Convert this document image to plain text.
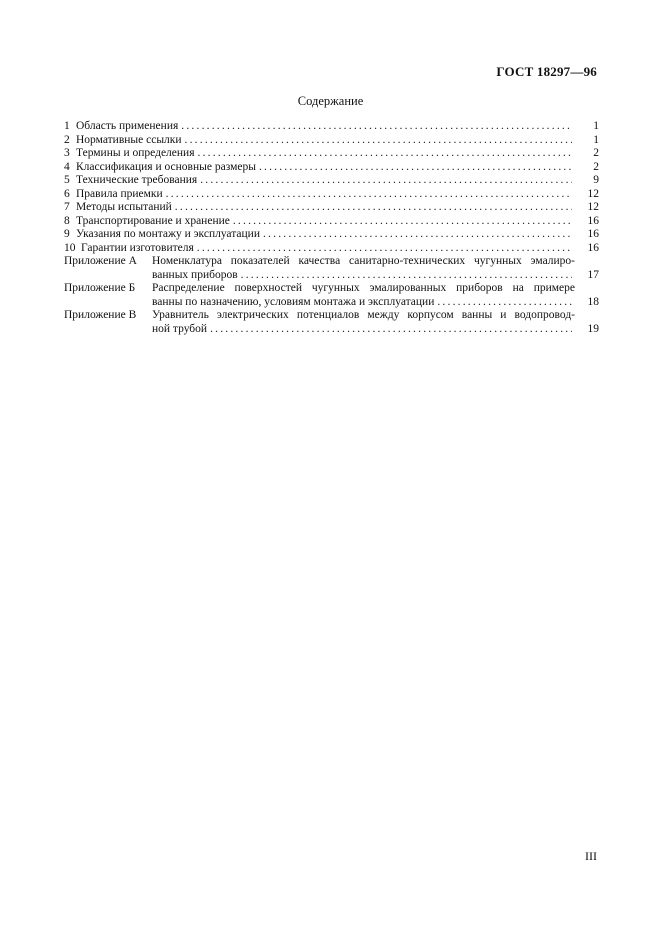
ГОСТ 18297—96
Содержание
1 Область применения .....	1
2 Нормативные ссылки .....	1
3 Термины и определения .....	2
4 Классификация и основные размеры .....	2
5 Технические требования .....	9
6 Правила приемки .....	12
7 Методы испытаний .....	12
8 Транспортирование и хранение .....	16
9 Указания по монтажу и эксплуатации .....	16
10 Гарантии изготовителя .....	16
Приложение А	Номенклатура показателей качества санитарно-технических чугунных эмалиро-
ванных приборов .....	17
Приложение Б	Распределение поверхностей чугунных эмалированных приборов на примере
ванны по назначению, условиям монтажа и эксплуатации .....	18
Приложение В	Уравнитель электрических потенциалов между корпусом ванны и водопровод-
ной трубой .....	19
III
